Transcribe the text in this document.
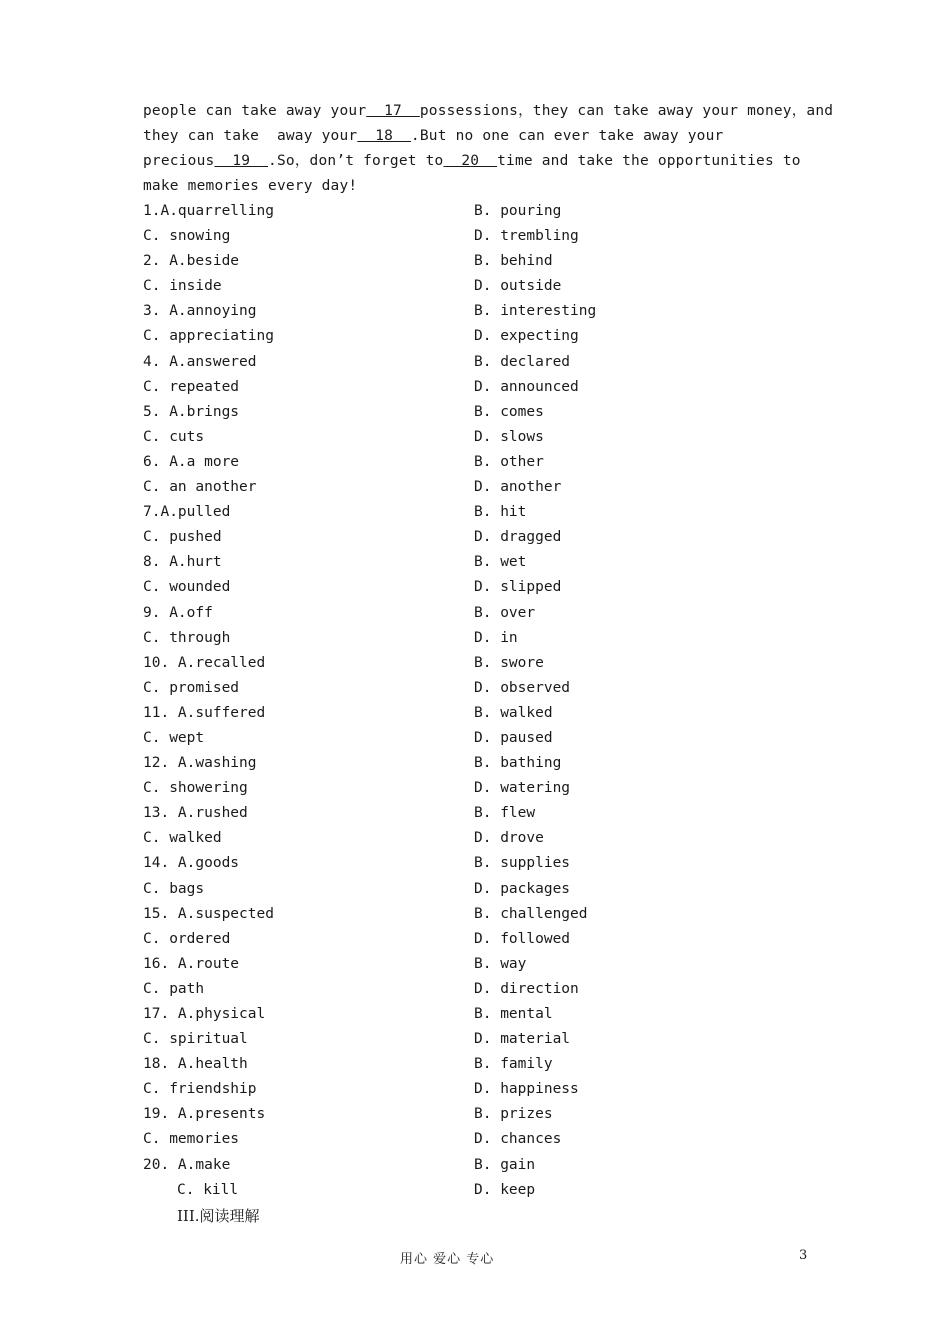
people can take away your  17  possessions，they can take away your money，and
they can take  away your  18  .But no one can ever take away your
precious  19  .So，don’t forget to  20  time and take the opportunities to
make memories every day!
1.A.quarrelling	B. pouring
C. snowing	D. trembling
2. A.beside	B. behind
C. inside	D. outside
3. A.annoying	B. interesting
C. appreciating	D. expecting
4. A.answered	B. declared
C. repeated	D. announced
5. A.brings	B. comes
C. cuts	D. slows
6. A.a more	B. other
C. an another	D. another
7.A.pulled	B. hit
C. pushed	D. dragged
8. A.hurt	B. wet
C. wounded	D. slipped
9. A.off	B. over
C. through	D. in
10. A.recalled	B. swore
C. promised	D. observed
11. A.suffered	B. walked
C. wept	D. paused
12. A.washing	B. bathing
C. showering	D. watering
13. A.rushed	B. flew
C. walked	D. drove
14. A.goods	B. supplies
C. bags	D. packages
15. A.suspected	B. challenged
C. ordered	D. followed
16. A.route	B. way
C. path	D. direction
17. A.physical	B. mental
C. spiritual	D. material
18. A.health	B. family
C. friendship	D. happiness
19. A.presents	B. prizes
C. memories	D. chances
20. A.make	B. gain
C. kill	D. keep
III.阅读理解
用心 爱心 专心	3
